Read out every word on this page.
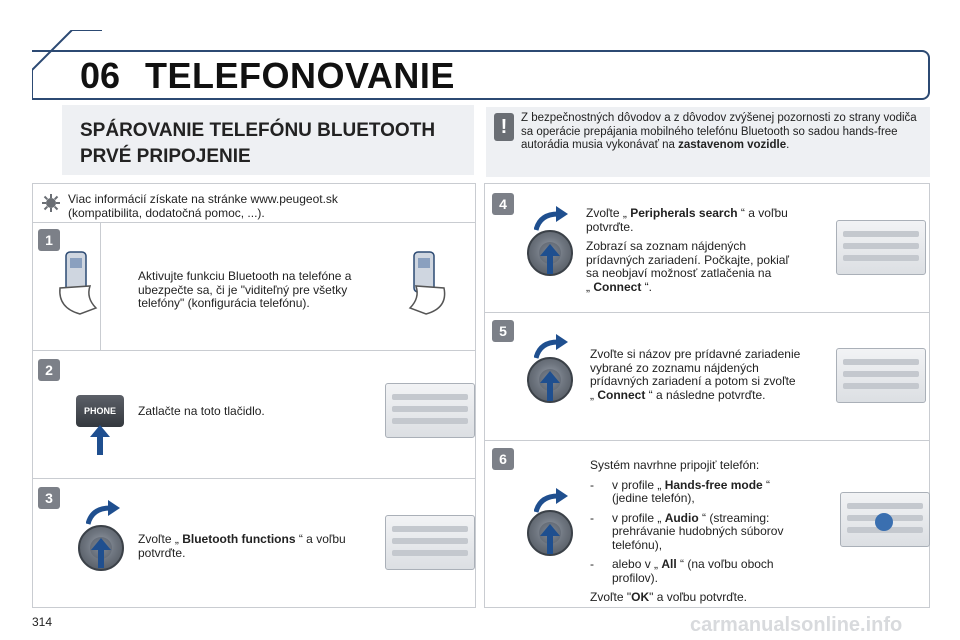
06 TELEFONOVANIE
SPÁROVANIE TELEFÓNU BLUETOOTH
PRVÉ PRIPOJENIE
!	Z bezpečnostných dôvodov a z dôvodov zvýšenej pozornosti zo strany vodiča sa operácie prepájania mobilného telefónu Bluetooth so sadou hands-free autorádia musia vykonávať na zastavenom vozidle.
Viac informácií získate na stránke www.peugeot.sk
(kompatibilita, dodatočná pomoc, ...).
1
Aktivujte funkciu Bluetooth na telefóne a
ubezpečte sa, či je "viditeľný pre všetky
telefóny" (konfigurácia telefónu).
2
PHONE	Zatlačte na toto tlačidlo.
3
Zvoľte „ Bluetooth functions “ a voľbu
potvrďte.
4
Zvoľte „ Peripherals search “ a voľbu
potvrďte.
Zobrazí sa zoznam nájdených
prídavných zariadení. Počkajte, pokiaľ
sa neobjaví možnosť zatlačenia na
„ Connect “.
5
Zvoľte si názov pre prídavné zariadenie
vybrané zo zoznamu nájdených
prídavných zariadení a potom si zvoľte
„ Connect “ a následne potvrďte.
6	Systém navrhne pripojiť telefón:
-	v profile „ Hands-free mode “
(jedine telefón),
-	v profile „ Audio “ (streaming:
prehrávanie hudobných súborov
telefónu),
-	alebo v „ All “ (na voľbu oboch
profilov).
Zvoľte "OK" a voľbu potvrďte.
314	carmanualsonline.info
